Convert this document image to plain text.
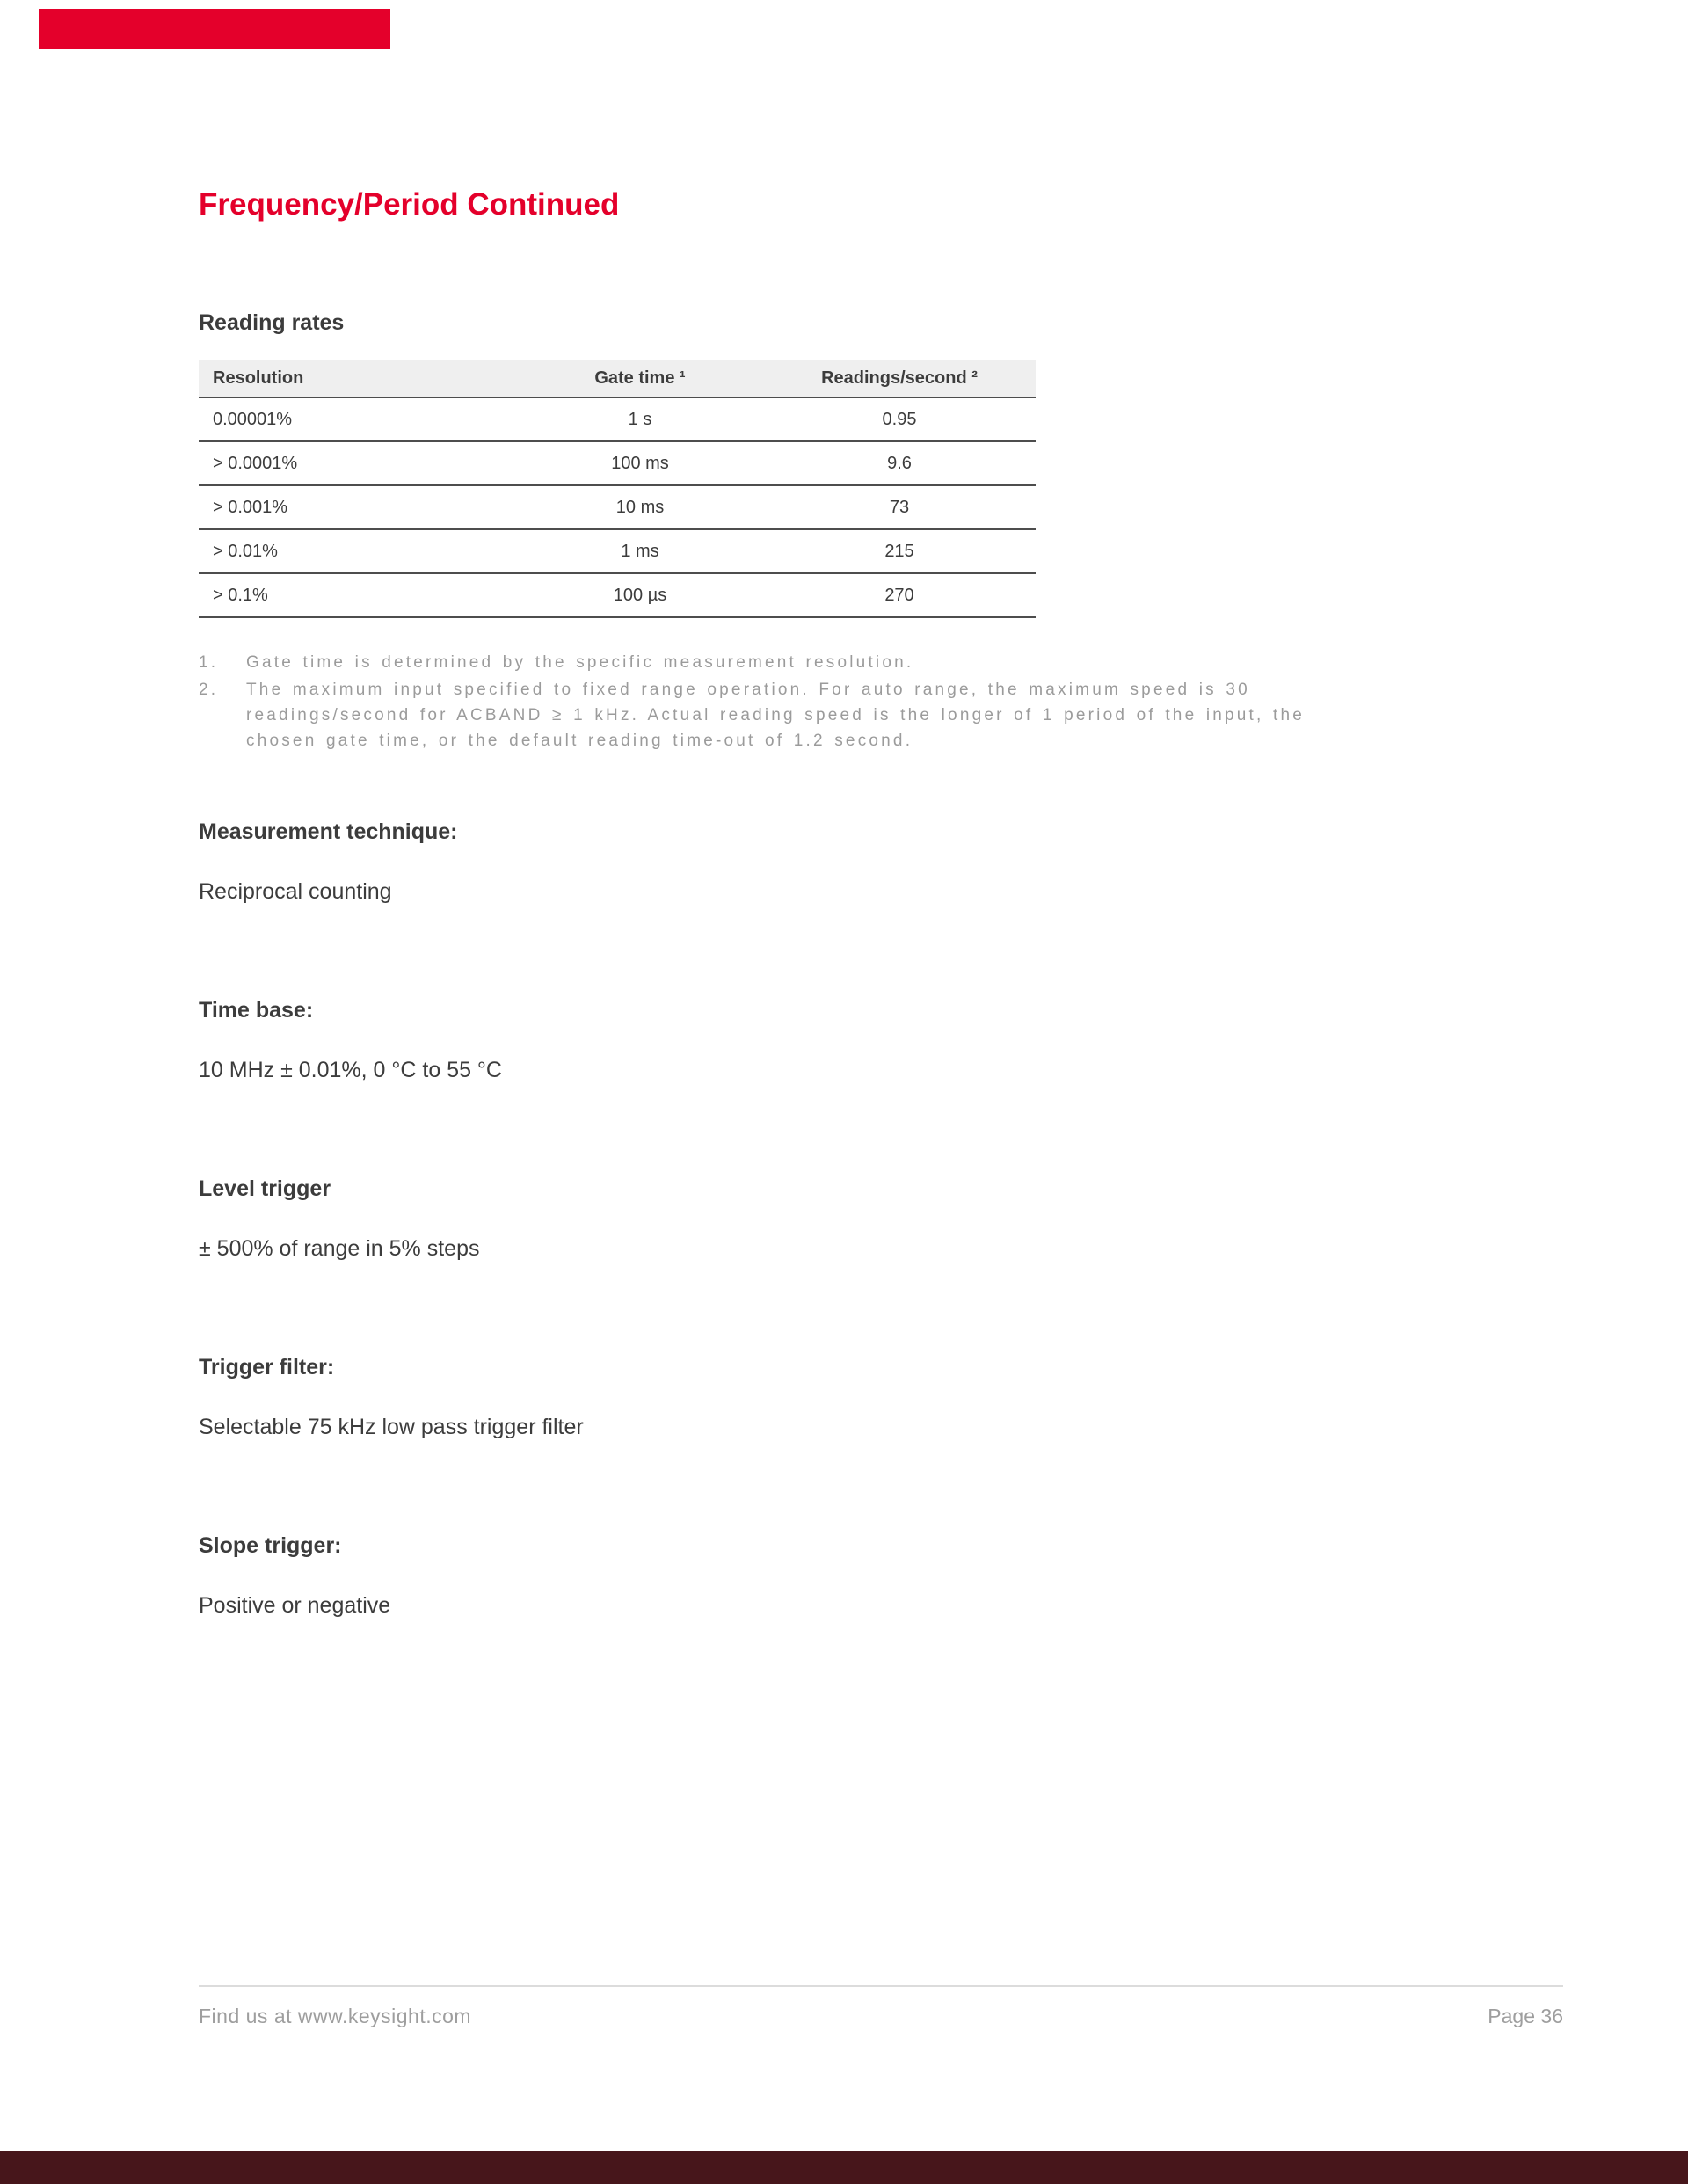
Frequency/Period Continued
Reading rates
Resolution	Gate time ¹	Readings/second ²
0.00001%	1 s	0.95
> 0.0001%	100 ms	9.6
> 0.001%	10 ms	73
> 0.01%	1 ms	215
> 0.1%	100 µs	270
1.	Gate time is determined by the specific measurement resolution.
2.	The maximum input specified to fixed range operation. For auto range, the maximum speed is 30 readings/second for ACBAND ≥ 1 kHz. Actual reading speed is the longer of 1 period of the input, the chosen gate time, or the default reading time-out of 1.2 second.
Measurement technique:

Reciprocal counting

Time base:

10 MHz ± 0.01%, 0 °C to 55 °C

Level trigger

± 500% of range in 5% steps

Trigger filter:

Selectable 75 kHz low pass trigger filter

Slope trigger:

Positive or negative

Find us at www.keysight.com	Page 36
